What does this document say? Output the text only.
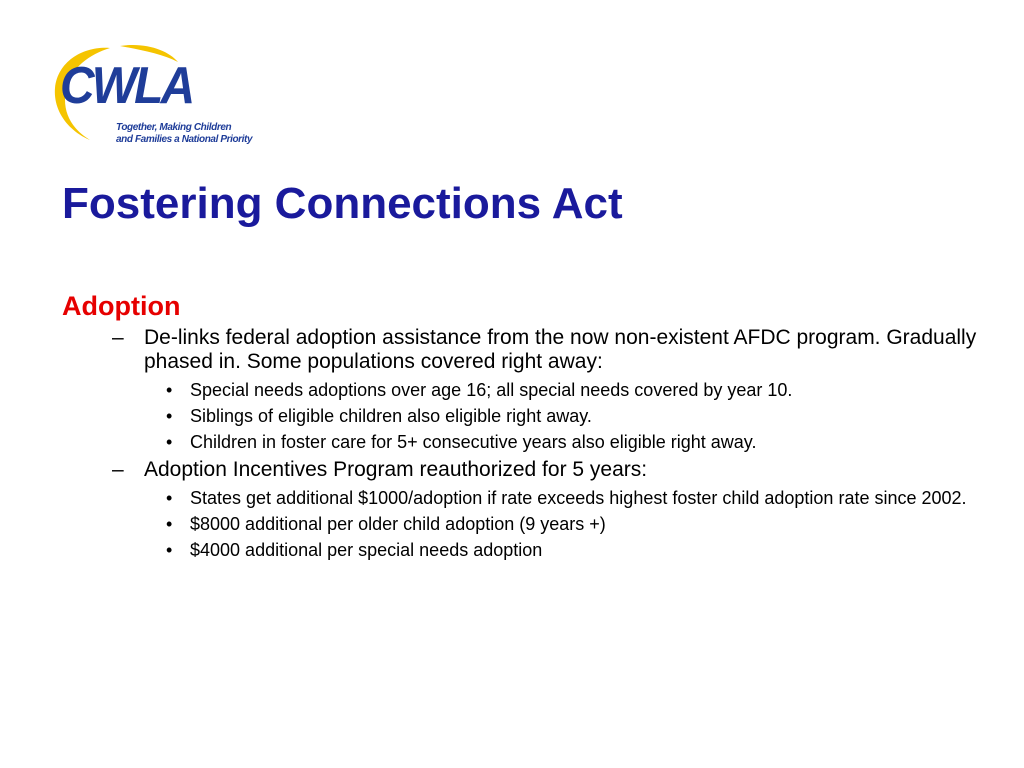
CWLA
Together, Making Children
and Families a National Priority
Fostering Connections Act
Adoption
– De-links federal adoption assistance from the now non-existent AFDC program. Gradually phased in. Some populations covered right away:
• Special needs adoptions over age 16; all special needs covered by year 10.
• Siblings of eligible children also eligible right away.
• Children in foster care for 5+ consecutive years also eligible right away.
– Adoption Incentives Program reauthorized for 5 years:
• States get additional $1000/adoption if rate exceeds highest foster child adoption rate since 2002.
• $8000 additional per older child adoption (9 years +)
• $4000 additional per special needs adoption
